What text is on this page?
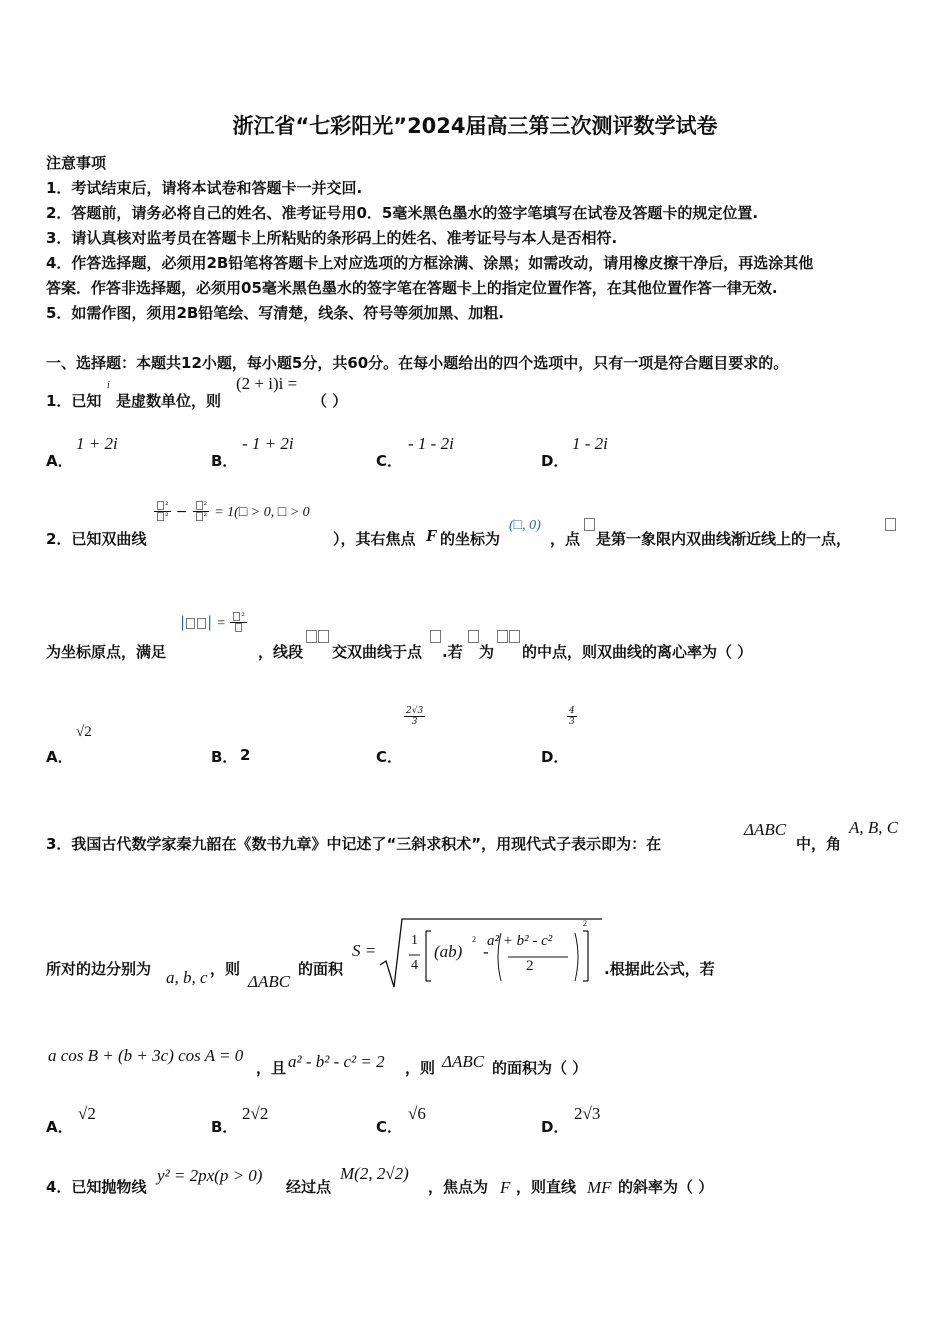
浙江省“七彩阳光”2024届高三第三次测评数学试卷
注意事项
1．考试结束后，请将本试卷和答题卡一并交回.
2．答题前，请务必将自己的姓名、准考证号用0．5毫米黑色墨水的签字笔填写在试卷及答题卡的规定位置.
3．请认真核对监考员在答题卡上所粘贴的条形码上的姓名、准考证号与本人是否相符.
4．作答选择题，必须用2B铅笔将答题卡上对应选项的方框涂满、涂黑；如需改动，请用橡皮擦干净后，再选涂其他
答案．作答非选择题，必须用05毫米黑色墨水的签字笔在答题卡上的指定位置作答，在其他位置作答一律无效.
5．如需作图，须用2B铅笔绘、写清楚，线条、符号等须加黑、加粗.
一、选择题：本题共12小题，每小题5分，共60分。在每小题给出的四个选项中，只有一项是符合题目要求的。
1．已知
i
是虚数单位，则
(2 + i)i =
（ ）
A．
1 + 2i
B．
- 1 + 2i
C．
- 1 - 2i
D．
1 - 2i
2．已知双曲线
$\frac{\text{²}}{\text{²}} - \frac{\text{²}}{\text{²}}$ = 1(□ > 0, □ > 0
），其右焦点 F 的坐标为
(□, 0)
，点 是第一象限内双曲线渐近线上的一点，
为坐标原点，满足
| | =	²
，线段 交双曲线于点 .若 为 的中点，则双曲线的离心率为（ ）
A．
√2
B． 2	C．
$\frac{2√3}{3}$
D．
$\frac{4}{3}$
3．我国古代数学家秦九韶在《数书九章》中记述了“三斜求积术”，用现代式子表示即为：在
ΔABC
中，角
A, B, C
所对的边分别为 a, b, c ，则
ΔABC
的面积
S =
1
4
(ab)
2
-
a² + b² - c²
2
2
.根据此公式，若
a cos B + (b + 3c) cos A = 0
，且 a² - b² - c² = 2 ，则 ΔABC 的面积为（ ）
A．
√2
B．
2√2
C．
√6
D．
2√3
4．已知抛物线
y² = 2px(p > 0)
经过点
M(2, 2√2)
，焦点为 F ，则直线 MF 的斜率为（ ）
